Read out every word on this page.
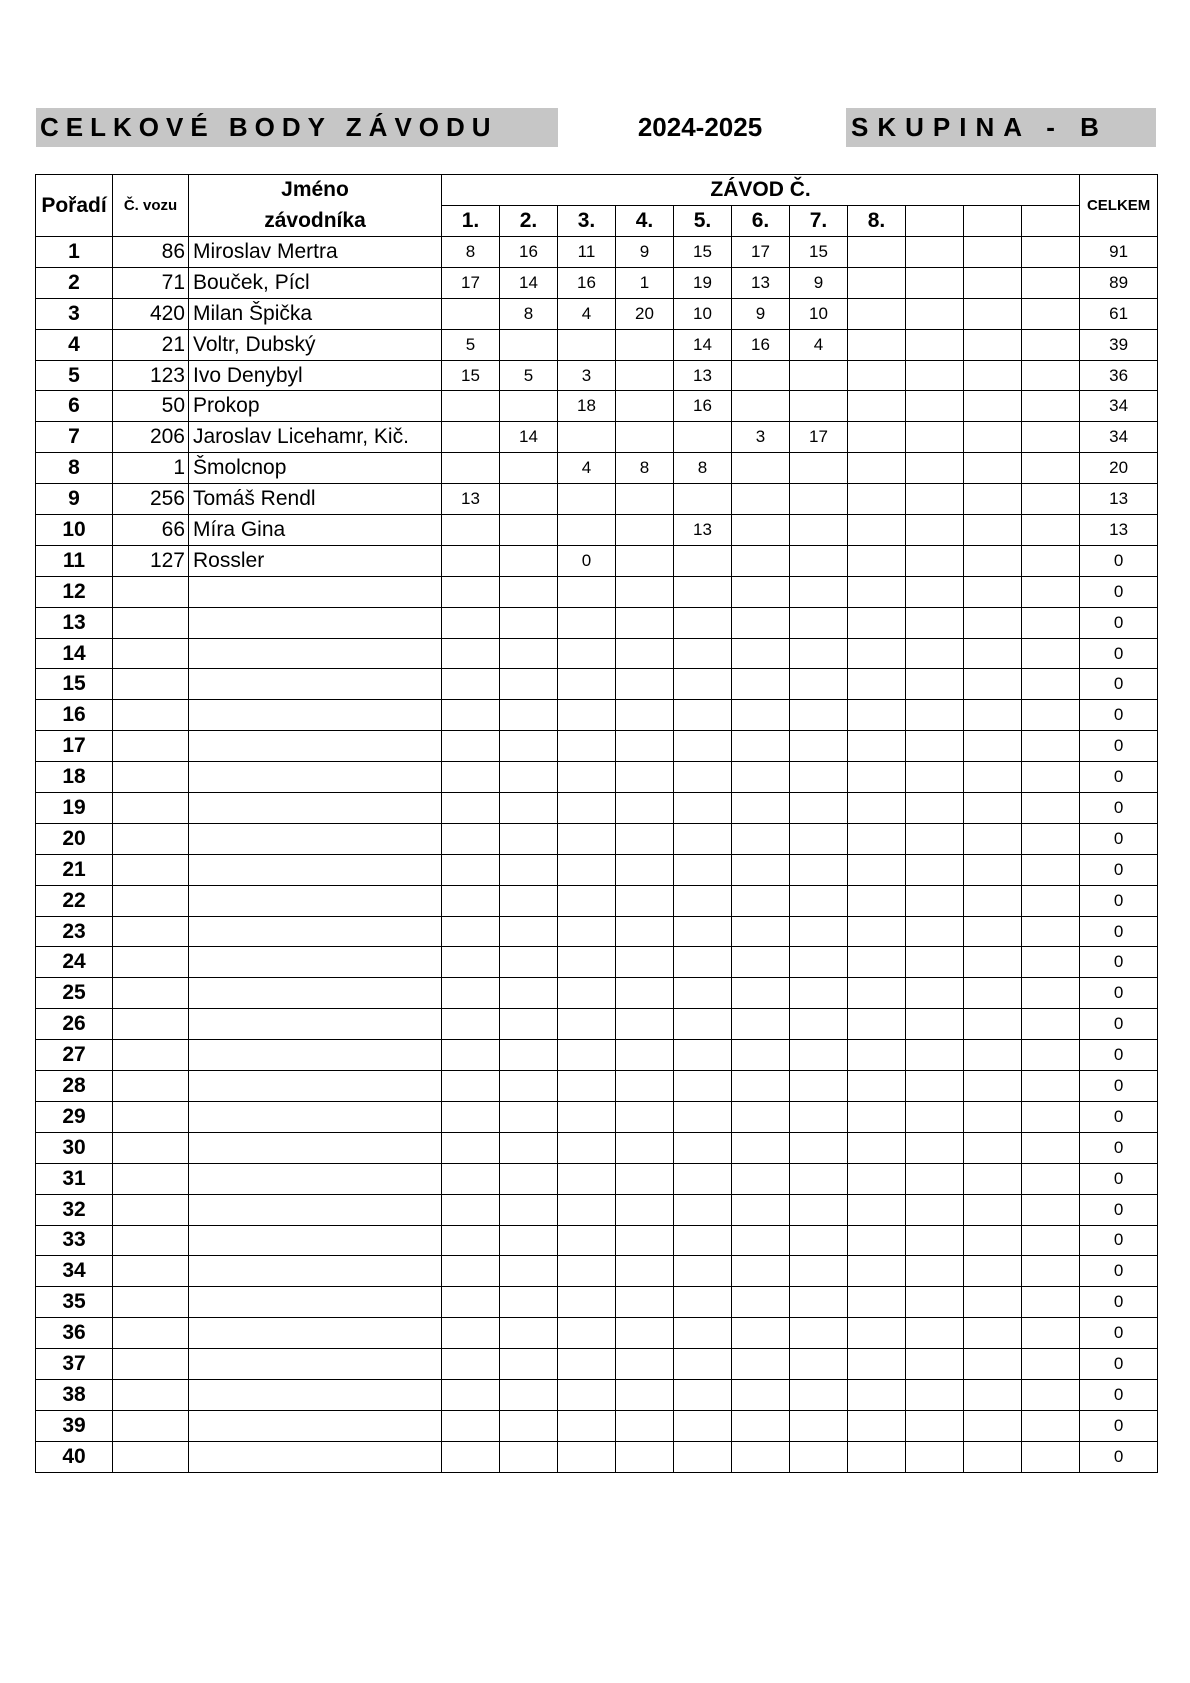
CELKOVÉ BODY ZÁVODU	2024-2025	SKUPINA - B
Pořadí	Č. vozu	Jméno	ZÁVOD Č.											CELKEM
		závodníka	1.	2.	3.	4.	5.	6.	7.	8.				
1	86	Miroslav Mertra	8	16	11	9	15	17	15					91
2	71	Bouček, Pícl	17	14	16	1	19	13	9					89
3	420	Milan Špička		8	4	20	10	9	10					61
4	21	Voltr, Dubský	5				14	16	4					39
5	123	Ivo Denybyl	15	5	3		13							36
6	50	Prokop			18		16							34
7	206	Jaroslav Licehamr, Kič.		14				3	17					34
8	1	Šmolcnop			4	8	8							20
9	256	Tomáš Rendl	13											13
10	66	Míra Gina					13							13
11	127	Rossler			0									0
12														0
13														0
14														0
15														0
16														0
17														0
18														0
19														0
20														0
21														0
22														0
23														0
24														0
25														0
26														0
27														0
28														0
29														0
30														0
31														0
32														0
33														0
34														0
35														0
36														0
37														0
38														0
39														0
40														0
